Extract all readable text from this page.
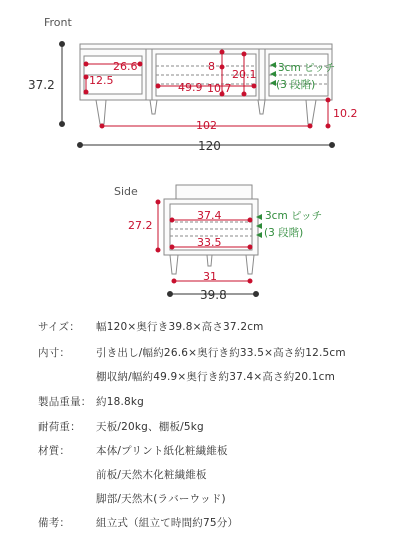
Front
26.6
12.5
49.9
8
20.1
10.7
102
10.2
37.2
120
3cm ピッチ
(3 段階)
Side
37.4
33.5
27.2
31
39.8
3cm ピッチ
(3 段階)
サイズ：	幅120×奥行き39.8×高さ37.2cm
内寸：	引き出し/幅約26.6×奥行き約33.5×高さ約12.5cm
棚収納/幅約49.9×奥行き約37.4×高さ約20.1cm
製品重量： 約18.8kg
耐荷重：	天板/20kg、棚板/5kg
材質：	本体/プリント紙化粧繊維板
前板/天然木化粧繊維板
脚部/天然木(ラバーウッド)
備考：	組立式（組立て時間約75分）
